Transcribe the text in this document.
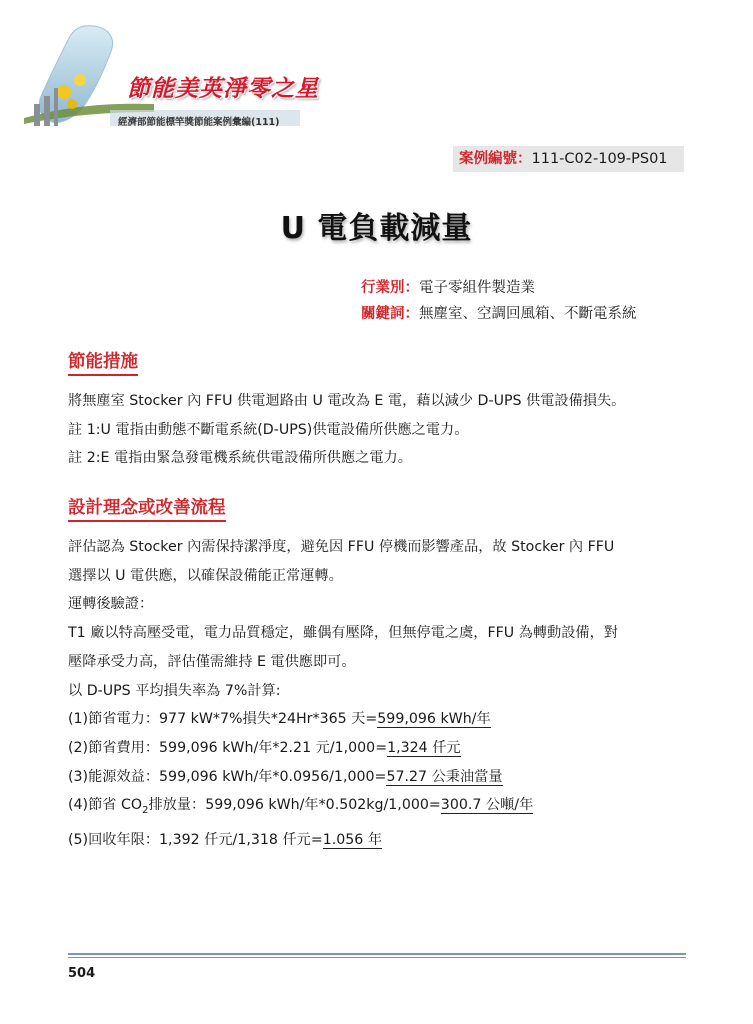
節能美英淨零之星
經濟部節能標竿獎節能案例彙編(111)
案例編號：111-C02-109-PS01
U 電負載減量
行業別：電子零組件製造業
關鍵詞：無塵室、空調回風箱、不斷電系統
節能措施

將無塵室 Stocker 內 FFU 供電迴路由 U 電改為 E 電，藉以減少 D-UPS 供電設備損失。

註 1:U 電指由動態不斷電系統(D-UPS)供電設備所供應之電力。

註 2:E 電指由緊急發電機系統供電設備所供應之電力。

設計理念或改善流程

評估認為 Stocker 內需保持潔淨度，避免因 FFU 停機而影響產品，故 Stocker 內 FFU

選擇以 U 電供應，以確保設備能正常運轉。

運轉後驗證：

T1 廠以特高壓受電，電力品質穩定，雖偶有壓降，但無停電之虞，FFU 為轉動設備，對

壓降承受力高，評估僅需維持 E 電供應即可。

以 D-UPS 平均損失率為 7%計算:

(1)節省電力：977 kW*7%損失*24Hr*365 天=599,096 kWh/年

(2)節省費用：599,096 kWh/年*2.21 元/1,000=1,324 仟元

(3)能源效益：599,096 kWh/年*0.0956/1,000=57.27 公秉油當量

(4)節省 $CO_2$排放量：599,096 kWh/年*0.502kg/1,000=300.7 公噸/年

(5)回收年限：1,392 仟元/1,318 仟元=1.056 年

504
